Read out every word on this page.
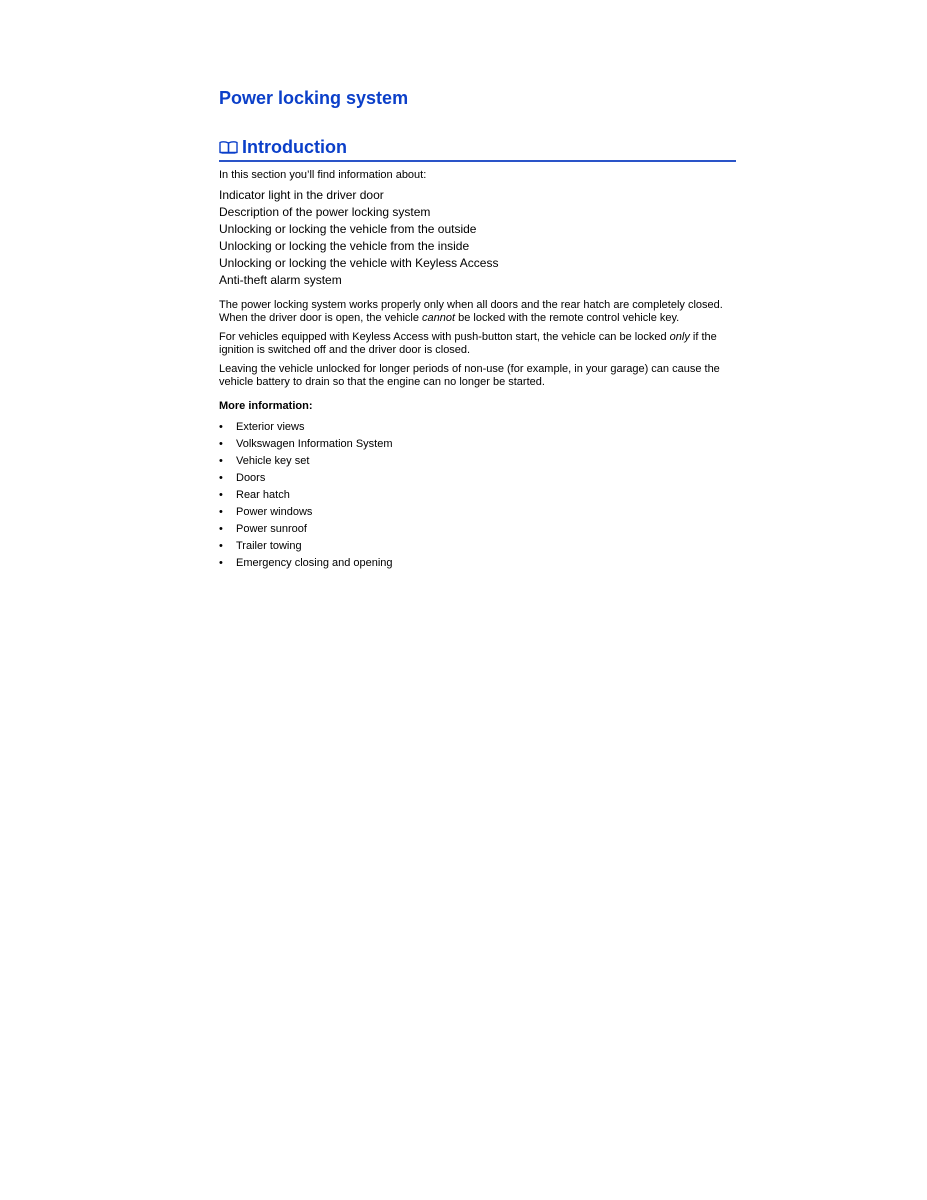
Power locking system
Introduction
In this section you’ll find information about:
Indicator light in the driver door
Description of the power locking system
Unlocking or locking the vehicle from the outside
Unlocking or locking the vehicle from the inside
Unlocking or locking the vehicle with Keyless Access
Anti-theft alarm system

The power locking system works properly only when all doors and the rear hatch are completely closed. When the driver door is open, the vehicle cannot be locked with the remote control vehicle key.

For vehicles equipped with Keyless Access with push-button start, the vehicle can be locked only if the ignition is switched off and the driver door is closed.

Leaving the vehicle unlocked for longer periods of non-use (for example, in your garage) can cause the vehicle battery to drain so that the engine can no longer be started.

More information:
• Exterior views
• Volkswagen Information System
• Vehicle key set
• Doors
• Rear hatch
• Power windows
• Power sunroof
• Trailer towing
• Emergency closing and opening
